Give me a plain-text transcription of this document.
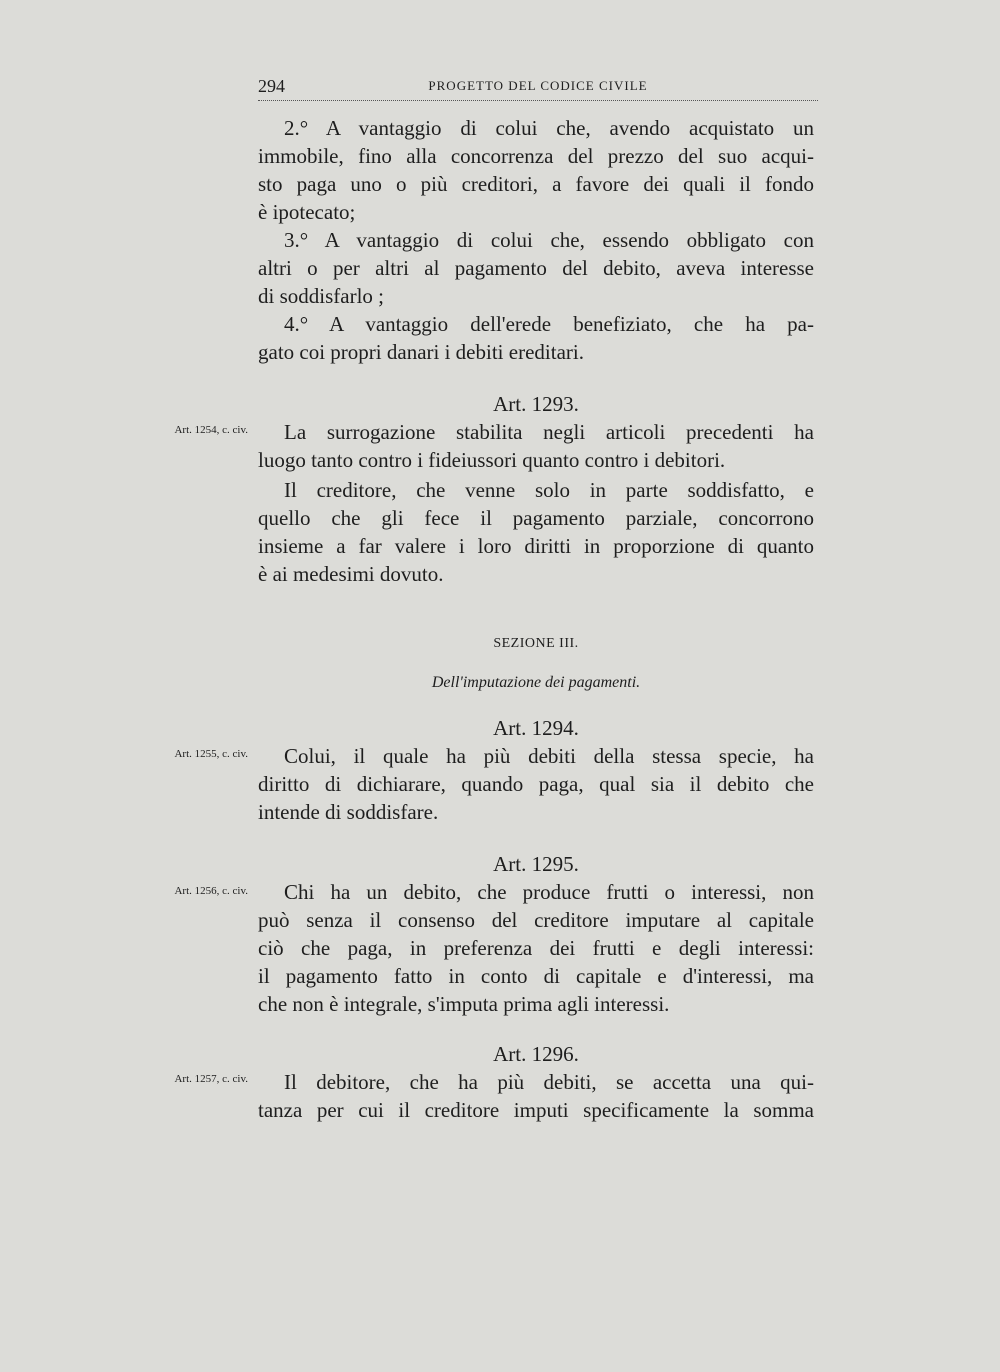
294	PROGETTO DEL CODICE CIVILE
2.° A vantaggio di colui che, avendo acquistato un
immobile, fino alla concorrenza del prezzo del suo acqui-
sto paga uno o più creditori, a favore dei quali il fondo
è ipotecato;
3.° A vantaggio di colui che, essendo obbligato con
altri o per altri al pagamento del debito, aveva interesse
di soddisfarlo ;
4.° A vantaggio dell'erede benefiziato, che ha pa-
gato coi propri danari i debiti ereditari.
Art. 1293.
Art. 1254, c. civ.	La surrogazione stabilita negli articoli precedenti ha
luogo tanto contro i fideiussori quanto contro i debitori.
Il creditore, che venne solo in parte soddisfatto, e
quello che gli fece il pagamento parziale, concorrono
insieme a far valere i loro diritti in proporzione di quanto
è ai medesimi dovuto.
SEZIONE III.
Dell'imputazione dei pagamenti.
Art. 1294.
Art. 1255, c. civ.	Colui, il quale ha più debiti della stessa specie, ha
diritto di dichiarare, quando paga, qual sia il debito che
intende di soddisfare.
Art. 1295.
Art. 1256, c. civ.	Chi ha un debito, che produce frutti o interessi, non
può senza il consenso del creditore imputare al capitale
ciò che paga, in preferenza dei frutti e degli interessi:
il pagamento fatto in conto di capitale e d'interessi, ma
che non è integrale, s'imputa prima agli interessi.
Art. 1296.
Art. 1257, c. civ.	Il debitore, che ha più debiti, se accetta una qui-
tanza per cui il creditore imputi specificamente la somma
